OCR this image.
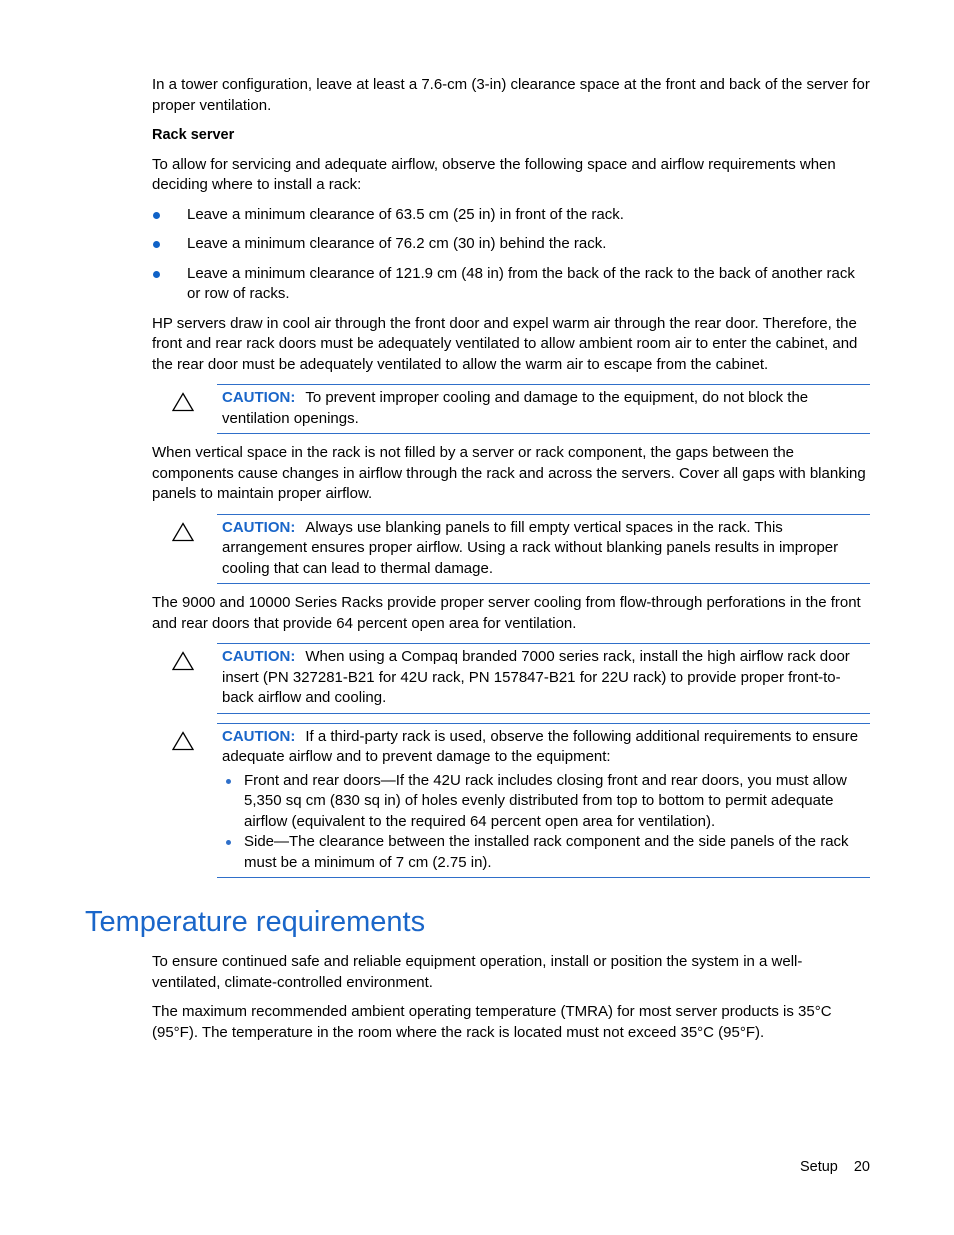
In a tower configuration, leave at least a 7.6-cm (3-in) clearance space at the front and back of the server for proper ventilation.

Rack server

To allow for servicing and adequate airflow, observe the following space and airflow requirements when deciding where to install a rack:

Leave a minimum clearance of 63.5 cm (25 in) in front of the rack.
Leave a minimum clearance of 76.2 cm (30 in) behind the rack.
Leave a minimum clearance of 121.9 cm (48 in) from the back of the rack to the back of another rack or row of racks.

HP servers draw in cool air through the front door and expel warm air through the rear door. Therefore, the front and rear rack doors must be adequately ventilated to allow ambient room air to enter the cabinet, and the rear door must be adequately ventilated to allow the warm air to escape from the cabinet.

CAUTION: To prevent improper cooling and damage to the equipment, do not block the ventilation openings.

When vertical space in the rack is not filled by a server or rack component, the gaps between the components cause changes in airflow through the rack and across the servers. Cover all gaps with blanking panels to maintain proper airflow.

CAUTION: Always use blanking panels to fill empty vertical spaces in the rack. This arrangement ensures proper airflow. Using a rack without blanking panels results in improper cooling that can lead to thermal damage.

The 9000 and 10000 Series Racks provide proper server cooling from flow-through perforations in the front and rear doors that provide 64 percent open area for ventilation.

CAUTION: When using a Compaq branded 7000 series rack, install the high airflow rack door insert (PN 327281-B21 for 42U rack, PN 157847-B21 for 22U rack) to provide proper front-to-back airflow and cooling.
CAUTION: If a third-party rack is used, observe the following additional requirements to ensure adequate airflow and to prevent damage to the equipment:
Front and rear doors—If the 42U rack includes closing front and rear doors, you must allow 5,350 sq cm (830 sq in) of holes evenly distributed from top to bottom to permit adequate airflow (equivalent to the required 64 percent open area for ventilation).
Side—The clearance between the installed rack component and the side panels of the rack must be a minimum of 7 cm (2.75 in).
Temperature requirements

To ensure continued safe and reliable equipment operation, install or position the system in a well-ventilated, climate-controlled environment.

The maximum recommended ambient operating temperature (TMRA) for most server products is 35°C (95°F). The temperature in the room where the rack is located must not exceed 35°C (95°F).

Setup 20
